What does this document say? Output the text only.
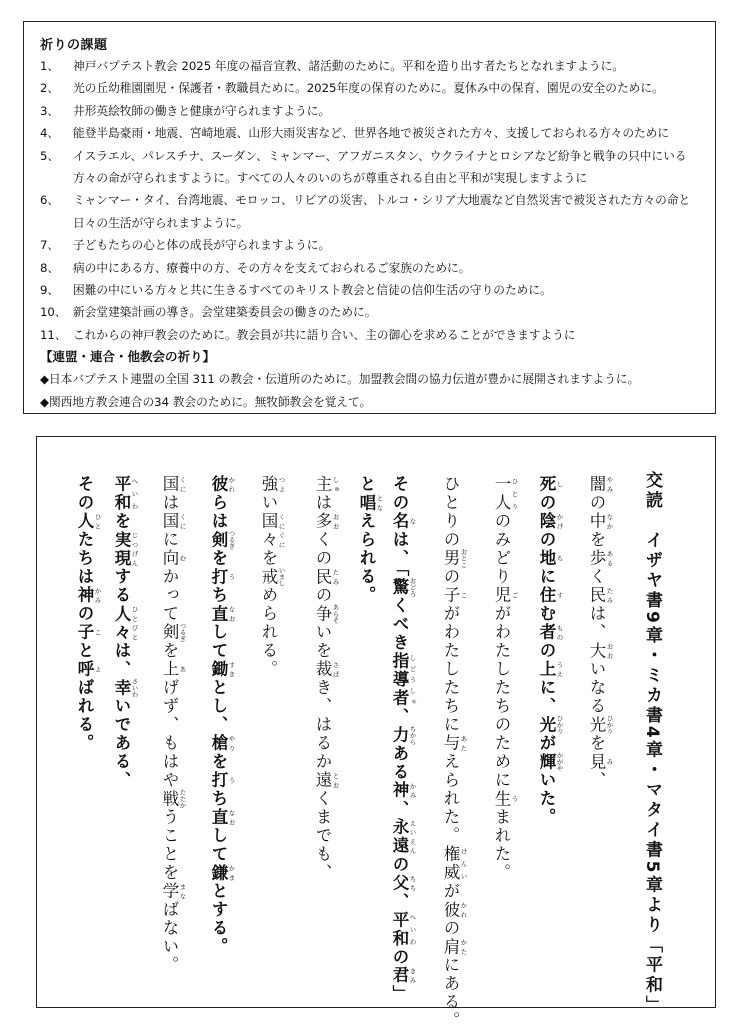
祈りの課題
1、 神戸バプテスト教会 2025 年度の福音宣教、諸活動のために。平和を造り出す者たちとなれますように。
2、 光の丘幼稚園園児・保護者・教職員ために。2025年度の保育のために。夏休み中の保育、園児の安全のために。
3、 井形英絵牧師の働きと健康が守られますように。
4、 能登半島豪雨・地震、宮崎地震、山形大雨災害など、世界各地で被災された方々、支援しておられる方々のために
5、 イスラエル、パレスチナ、スーダン、ミャンマー、アフガニスタン、ウクライナとロシアなど紛争と戦争の只中にいる
方々の命が守られますように。すべての人々のいのちが尊重される自由と平和が実現しますように
6、 ミャンマー・タイ、台湾地震、モロッコ、リビアの災害、トルコ・シリア大地震など自然災害で被災された方々の命と
日々の生活が守られますように。
7、 子どもたちの心と体の成長が守られますように。
8、 病の中にある方、療養中の方、その方々を支えておられるご家族のために。
9、 困難の中にいる方々と共に生きるすべてのキリスト教会と信徒の信仰生活の守りのために。
10、 新会堂建築計画の導き。会堂建築委員会の働きのために。
11、 これからの神戸教会のために。教会員が共に語り合い、主の御心を求めることができますように
【連盟・連合・他教会の祈り】
◆日本バプテスト連盟の全国 311 の教会・伝道所のために。加盟教会間の協力伝道が豊かに展開されますように。
◆関西地方教会連合の34 教会のために。無牧師教会を覚えて。
交読　イザヤ書9章・ミカ書4章・マタイ書5章より「平和」
闇 やみの中 なかを歩 あるく民 たみは、大 おおいなる光 ひかりを見 み、
死 しの陰 かげの地 ちに住 すむ者 ものの上 うえに、光 ひかりが輝 かがやいた。
一人 ひとりのみどり児 ごがわたしたちのために生 うまれた。
ひとりの男 おとこの子 こがわたしたちに与 あたえられた。権威 けんいが彼 かれの肩 かたにある。
その名 なは、「驚 おどろくべき指導者 しどうしゃ、力 ちからある神 かみ、永遠 えいえんの父 ちち、平和 へいわの君 きみ」
と唱 となえられる。
主 しゅは多 おおくの民 たみの争 あらそいを裁 さばき、はるか遠 とおくまでも、
強 つよい国々 くにぐにを戒 いましめられる。
彼 かれらは剣 つるぎを打 うち直 なおして鋤 すきとし、槍 やりを打 うち直 なおして鎌 かまとする。
国 くには国 くにに向 むかって剣 つるぎを上 あげず、もはや戦 たたかうことを学 まなばない。
平和 へいわを実現 じつげんする人々 ひとびとは、幸 さいわいである、
その人 ひとたちは神 かみの子 こと呼 よばれる。
